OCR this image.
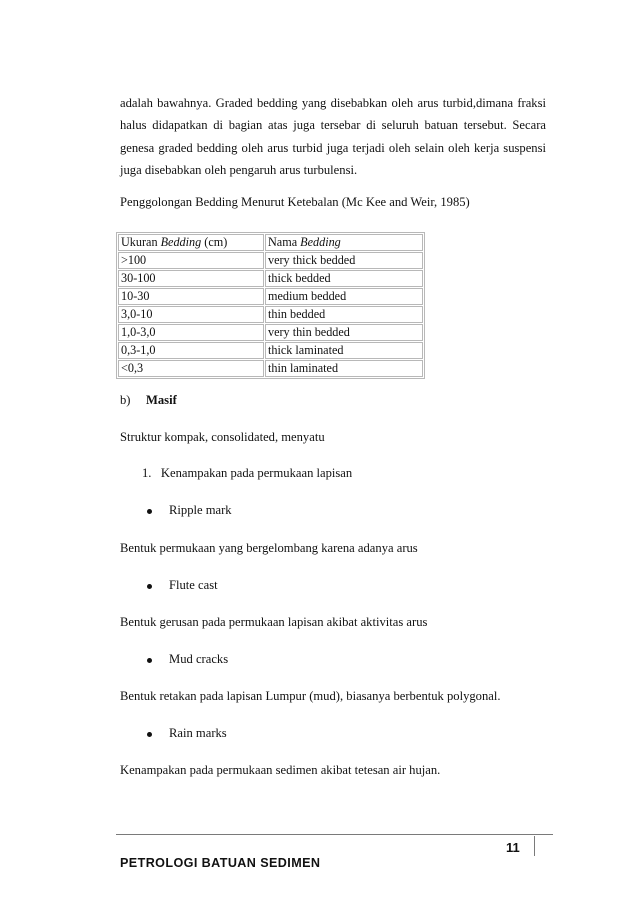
adalah bawahnya. Graded bedding yang disebabkan oleh arus turbid,dimana fraksi halus didapatkan di bagian atas juga tersebar di seluruh batuan tersebut. Secara genesa graded bedding oleh arus turbid juga terjadi oleh selain oleh kerja suspensi juga disebabkan oleh pengaruh arus turbulensi.

Penggolongan Bedding Menurut Ketebalan (Mc Kee and Weir, 1985)
Ukuran Bedding (cm)	Nama Bedding
>100	very thick bedded
30-100	thick bedded
10-30	medium bedded
3,0-10	thin bedded
1,0-3,0	very thin bedded
0,3-1,0	thick laminated
<0,3	thin laminated
b) Masif
Struktur kompak, consolidated, menyatu
1. Kenampakan pada permukaan lapisan
Ripple mark
Bentuk permukaan yang bergelombang karena adanya arus
Flute cast
Bentuk gerusan pada permukaan lapisan akibat aktivitas arus
Mud cracks
Bentuk retakan pada lapisan Lumpur (mud), biasanya berbentuk polygonal.
Rain marks
Kenampakan pada permukaan sedimen akibat tetesan air hujan.
11
PETROLOGI BATUAN SEDIMEN
